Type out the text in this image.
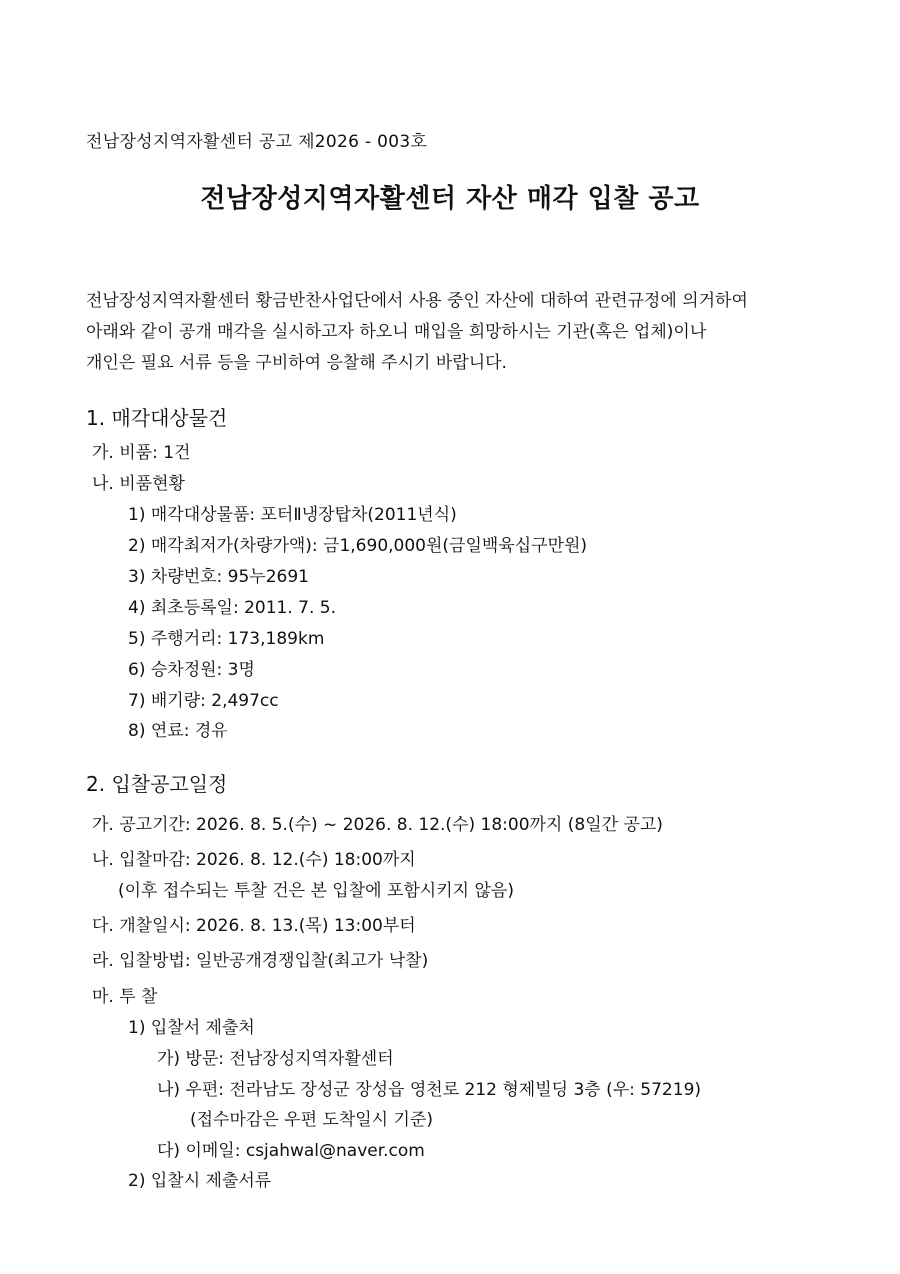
전남장성지역자활센터 공고 제2026 - 003호
전남장성지역자활센터 자산 매각 입찰 공고

전남장성지역자활센터 황금반찬사업단에서 사용 중인 자산에 대하여 관련규정에 의거하여

아래와 같이 공개 매각을 실시하고자 하오니 매입을 희망하시는 기관(혹은 업체)이나

개인은 필요 서류 등을 구비하여 응찰해 주시기 바랍니다.

1. 매각대상물건
가. 비품: 1건
나. 비품현황
1) 매각대상물품: 포터Ⅱ냉장탑차(2011년식)
2) 매각최저가(차량가액): 금1,690,000원(금일백육십구만원)
3) 차량번호: 95누2691
4) 최초등록일: 2011. 7. 5.
5) 주행거리: 173,189km
6) 승차정원: 3명
7) 배기량: 2,497cc
8) 연료: 경유
2. 입찰공고일정
가. 공고기간: 2026. 8. 5.(수) ~ 2026. 8. 12.(수) 18:00까지 (8일간 공고)
나. 입찰마감: 2026. 8. 12.(수) 18:00까지
(이후 접수되는 투찰 건은 본 입찰에 포함시키지 않음)
다. 개찰일시: 2026. 8. 13.(목) 13:00부터
라. 입찰방법: 일반공개경쟁입찰(최고가 낙찰)
마. 투 찰
1) 입찰서 제출처
가) 방문: 전남장성지역자활센터
나) 우편: 전라남도 장성군 장성읍 영천로 212 형제빌딩 3층 (우: 57219)
(접수마감은 우편 도착일시 기준)
다) 이메일: csjahwal@naver.com
2) 입찰시 제출서류
